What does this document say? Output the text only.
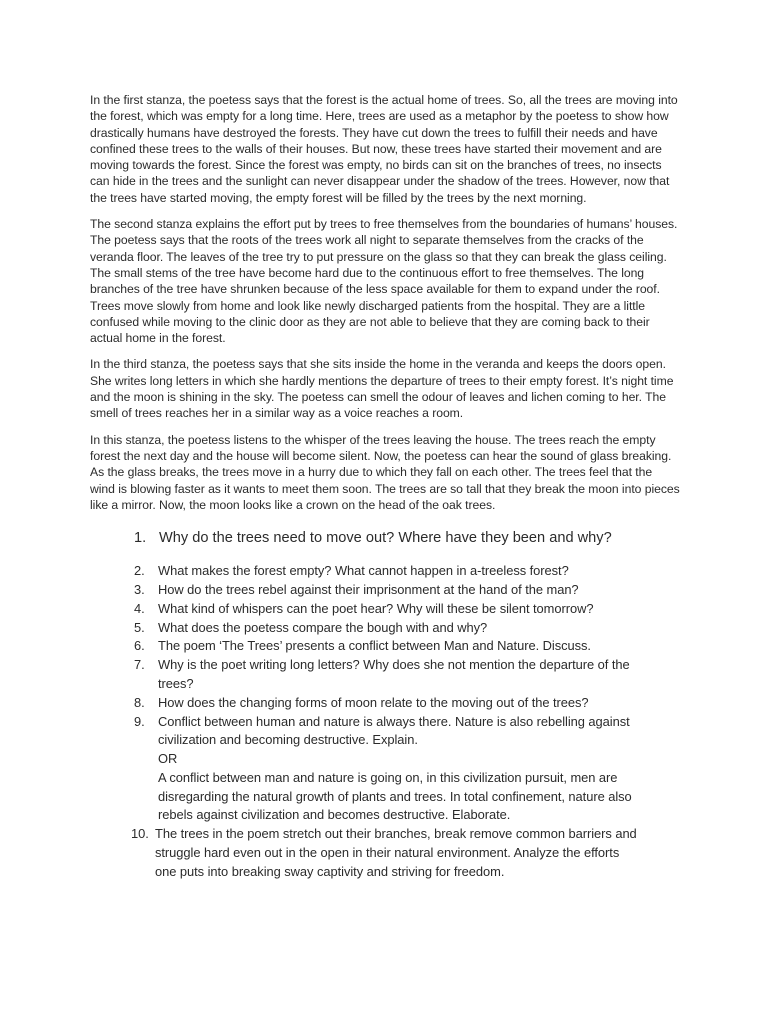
In the first stanza, the poetess says that the forest is the actual home of trees. So, all the trees are moving into the forest, which was empty for a long time. Here, trees are used as a metaphor by the poetess to show how drastically humans have destroyed the forests. They have cut down the trees to fulfill their needs and have confined these trees to the walls of their houses. But now, these trees have started their movement and are moving towards the forest. Since the forest was empty, no birds can sit on the branches of trees, no insects can hide in the trees and the sunlight can never disappear under the shadow of the trees. However, now that the trees have started moving, the empty forest will be filled by the trees by the next morning.

The second stanza explains the effort put by trees to free themselves from the boundaries of humans’ houses. The poetess says that the roots of the trees work all night to separate themselves from the cracks of the veranda floor. The leaves of the tree try to put pressure on the glass so that they can break the glass ceiling. The small stems of the tree have become hard due to the continuous effort to free themselves. The long branches of the tree have shrunken because of the less space available for them to expand under the roof. Trees move slowly from home and look like newly discharged patients from the hospital. They are a little confused while moving to the clinic door as they are not able to believe that they are coming back to their actual home in the forest.

In the third stanza, the poetess says that she sits inside the home in the veranda and keeps the doors open. She writes long letters in which she hardly mentions the departure of trees to their empty forest. It’s night time and the moon is shining in the sky. The poetess can smell the odour of leaves and lichen coming to her. The smell of trees reaches her in a similar way as a voice reaches a room.

In this stanza, the poetess listens to the whisper of the trees leaving the house. The trees reach the empty forest the next day and the house will become silent. Now, the poetess can hear the sound of glass breaking. As the glass breaks, the trees move in a hurry due to which they fall on each other. The trees feel that the wind is blowing faster as it wants to meet them soon. The trees are so tall that they break the moon into pieces like a mirror. Now, the moon looks like a crown on the head of the oak trees.

1. Why do the trees need to move out? Where have they been and why?
2.	What makes the forest empty? What cannot happen in a-treeless forest?
3.	How do the trees rebel against their imprisonment at the hand of the man?
4.	What kind of whispers can the poet hear? Why will these be silent tomorrow?
5.	What does the poetess compare the bough with and why?
6.	The poem ‘The Trees’ presents a conflict between Man and Nature. Discuss.
7.	Why is the poet writing long letters? Why does she not mention the departure of the
trees?
8.	How does the changing forms of moon relate to the moving out of the trees?
9.	Conflict between human and nature is always there. Nature is also rebelling against
civilization and becoming destructive. Explain.
OR
A conflict between man and nature is going on, in this civilization pursuit, men are
disregarding the natural growth of plants and trees. In total confinement, nature also
rebels against civilization and becomes destructive. Elaborate.
10. The trees in the poem stretch out their branches, break remove common barriers and
struggle hard even out in the open in their natural environment. Analyze the efforts
one puts into breaking sway captivity and striving for freedom.
